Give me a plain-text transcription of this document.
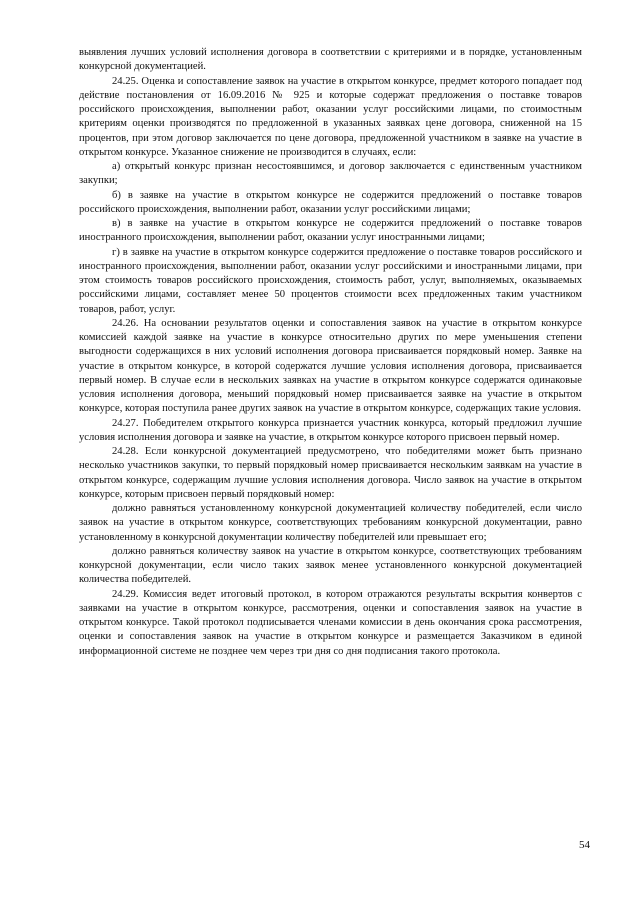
выявления лучших условий исполнения договора в соответствии с критериями и в порядке, установленным конкурсной документацией.

24.25. Оценка и сопоставление заявок на участие в открытом конкурсе, предмет которого попадает под действие постановления от 16.09.2016 № 925 и которые содержат предложения о поставке товаров российского происхождения, выполнении работ, оказании услуг российскими лицами, по стоимостным критериям оценки производятся по предложенной в указанных заявках цене договора, сниженной на 15 процентов, при этом договор заключается по цене договора, предложенной участником в заявке на участие в открытом конкурсе. Указанное снижение не производится в случаях, если:

а) открытый конкурс признан несостоявшимся, и договор заключается с единственным участником закупки;

б) в заявке на участие в открытом конкурсе не содержится предложений о поставке товаров российского происхождения, выполнении работ, оказании услуг российскими лицами;

в) в заявке на участие в открытом конкурсе не содержится предложений о поставке товаров иностранного происхождения, выполнении работ, оказании услуг иностранными лицами;

г) в заявке на участие в открытом конкурсе содержится предложение о поставке товаров российского и иностранного происхождения, выполнении работ, оказании услуг российскими и иностранными лицами, при этом стоимость товаров российского происхождения, стоимость работ, услуг, выполняемых, оказываемых российскими лицами, составляет менее 50 процентов стоимости всех предложенных таким участником товаров, работ, услуг.

24.26. На основании результатов оценки и сопоставления заявок на участие в открытом конкурсе комиссией каждой заявке на участие в конкурсе относительно других по мере уменьшения степени выгодности содержащихся в них условий исполнения договора присваивается порядковый номер. Заявке на участие в открытом конкурсе, в которой содержатся лучшие условия исполнения договора, присваивается первый номер. В случае если в нескольких заявках на участие в открытом конкурсе содержатся одинаковые условия исполнения договора, меньший порядковый номер присваивается заявке на участие в открытом конкурсе, которая поступила ранее других заявок на участие в открытом конкурсе, содержащих такие условия.

24.27. Победителем открытого конкурса признается участник конкурса, который предложил лучшие условия исполнения договора и заявке на участие, в открытом конкурсе которого присвоен первый номер.

24.28. Если конкурсной документацией предусмотрено, что победителями может быть признано несколько участников закупки, то первый порядковый номер присваивается нескольким заявкам на участие в открытом конкурсе, содержащим лучшие условия исполнения договора. Число заявок на участие в открытом конкурсе, которым присвоен первый порядковый номер:

должно равняться установленному конкурсной документацией количеству победителей, если число заявок на участие в открытом конкурсе, соответствующих требованиям конкурсной документации, равно установленному в конкурсной документации количеству победителей или превышает его;

должно равняться количеству заявок на участие в открытом конкурсе, соответствующих требованиям конкурсной документации, если число таких заявок менее установленного конкурсной документацией количества победителей.

24.29. Комиссия ведет итоговый протокол, в котором отражаются результаты вскрытия конвертов с заявками на участие в открытом конкурсе, рассмотрения, оценки и сопоставления заявок на участие в открытом конкурсе. Такой протокол подписывается членами комиссии в день окончания срока рассмотрения, оценки и сопоставления заявок на участие в открытом конкурсе и размещается Заказчиком в единой информационной системе не позднее чем через три дня со дня подписания такого протокола.

54
